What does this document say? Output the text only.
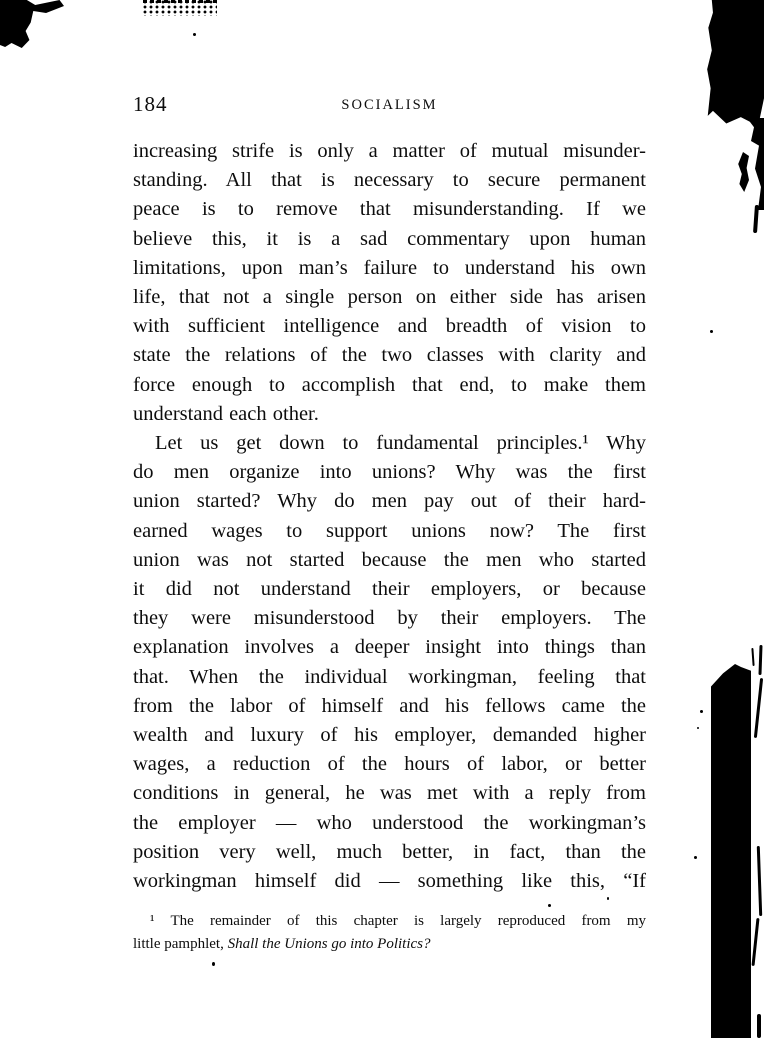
184	SOCIALISM
increasing strife is only a matter of mutual misunder-
standing. All that is necessary to secure permanent
peace is to remove that misunderstanding. If we
believe this, it is a sad commentary upon human
limitations, upon man’s failure to understand his own
life, that not a single person on either side has arisen
with sufficient intelligence and breadth of vision to
state the relations of the two classes with clarity and
force enough to accomplish that end, to make them
understand each other.
Let us get down to fundamental principles.¹ Why
do men organize into unions? Why was the first
union started? Why do men pay out of their hard-
earned wages to support unions now? The first
union was not started because the men who started
it did not understand their employers, or because
they were misunderstood by their employers. The
explanation involves a deeper insight into things than
that. When the individual workingman, feeling that
from the labor of himself and his fellows came the
wealth and luxury of his employer, demanded higher
wages, a reduction of the hours of labor, or better
conditions in general, he was met with a reply from
the employer — who understood the workingman’s
position very well, much better, in fact, than the
workingman himself did — something like this, “If
¹ The remainder of this chapter is largely reproduced from my
little pamphlet, Shall the Unions go into Politics?
